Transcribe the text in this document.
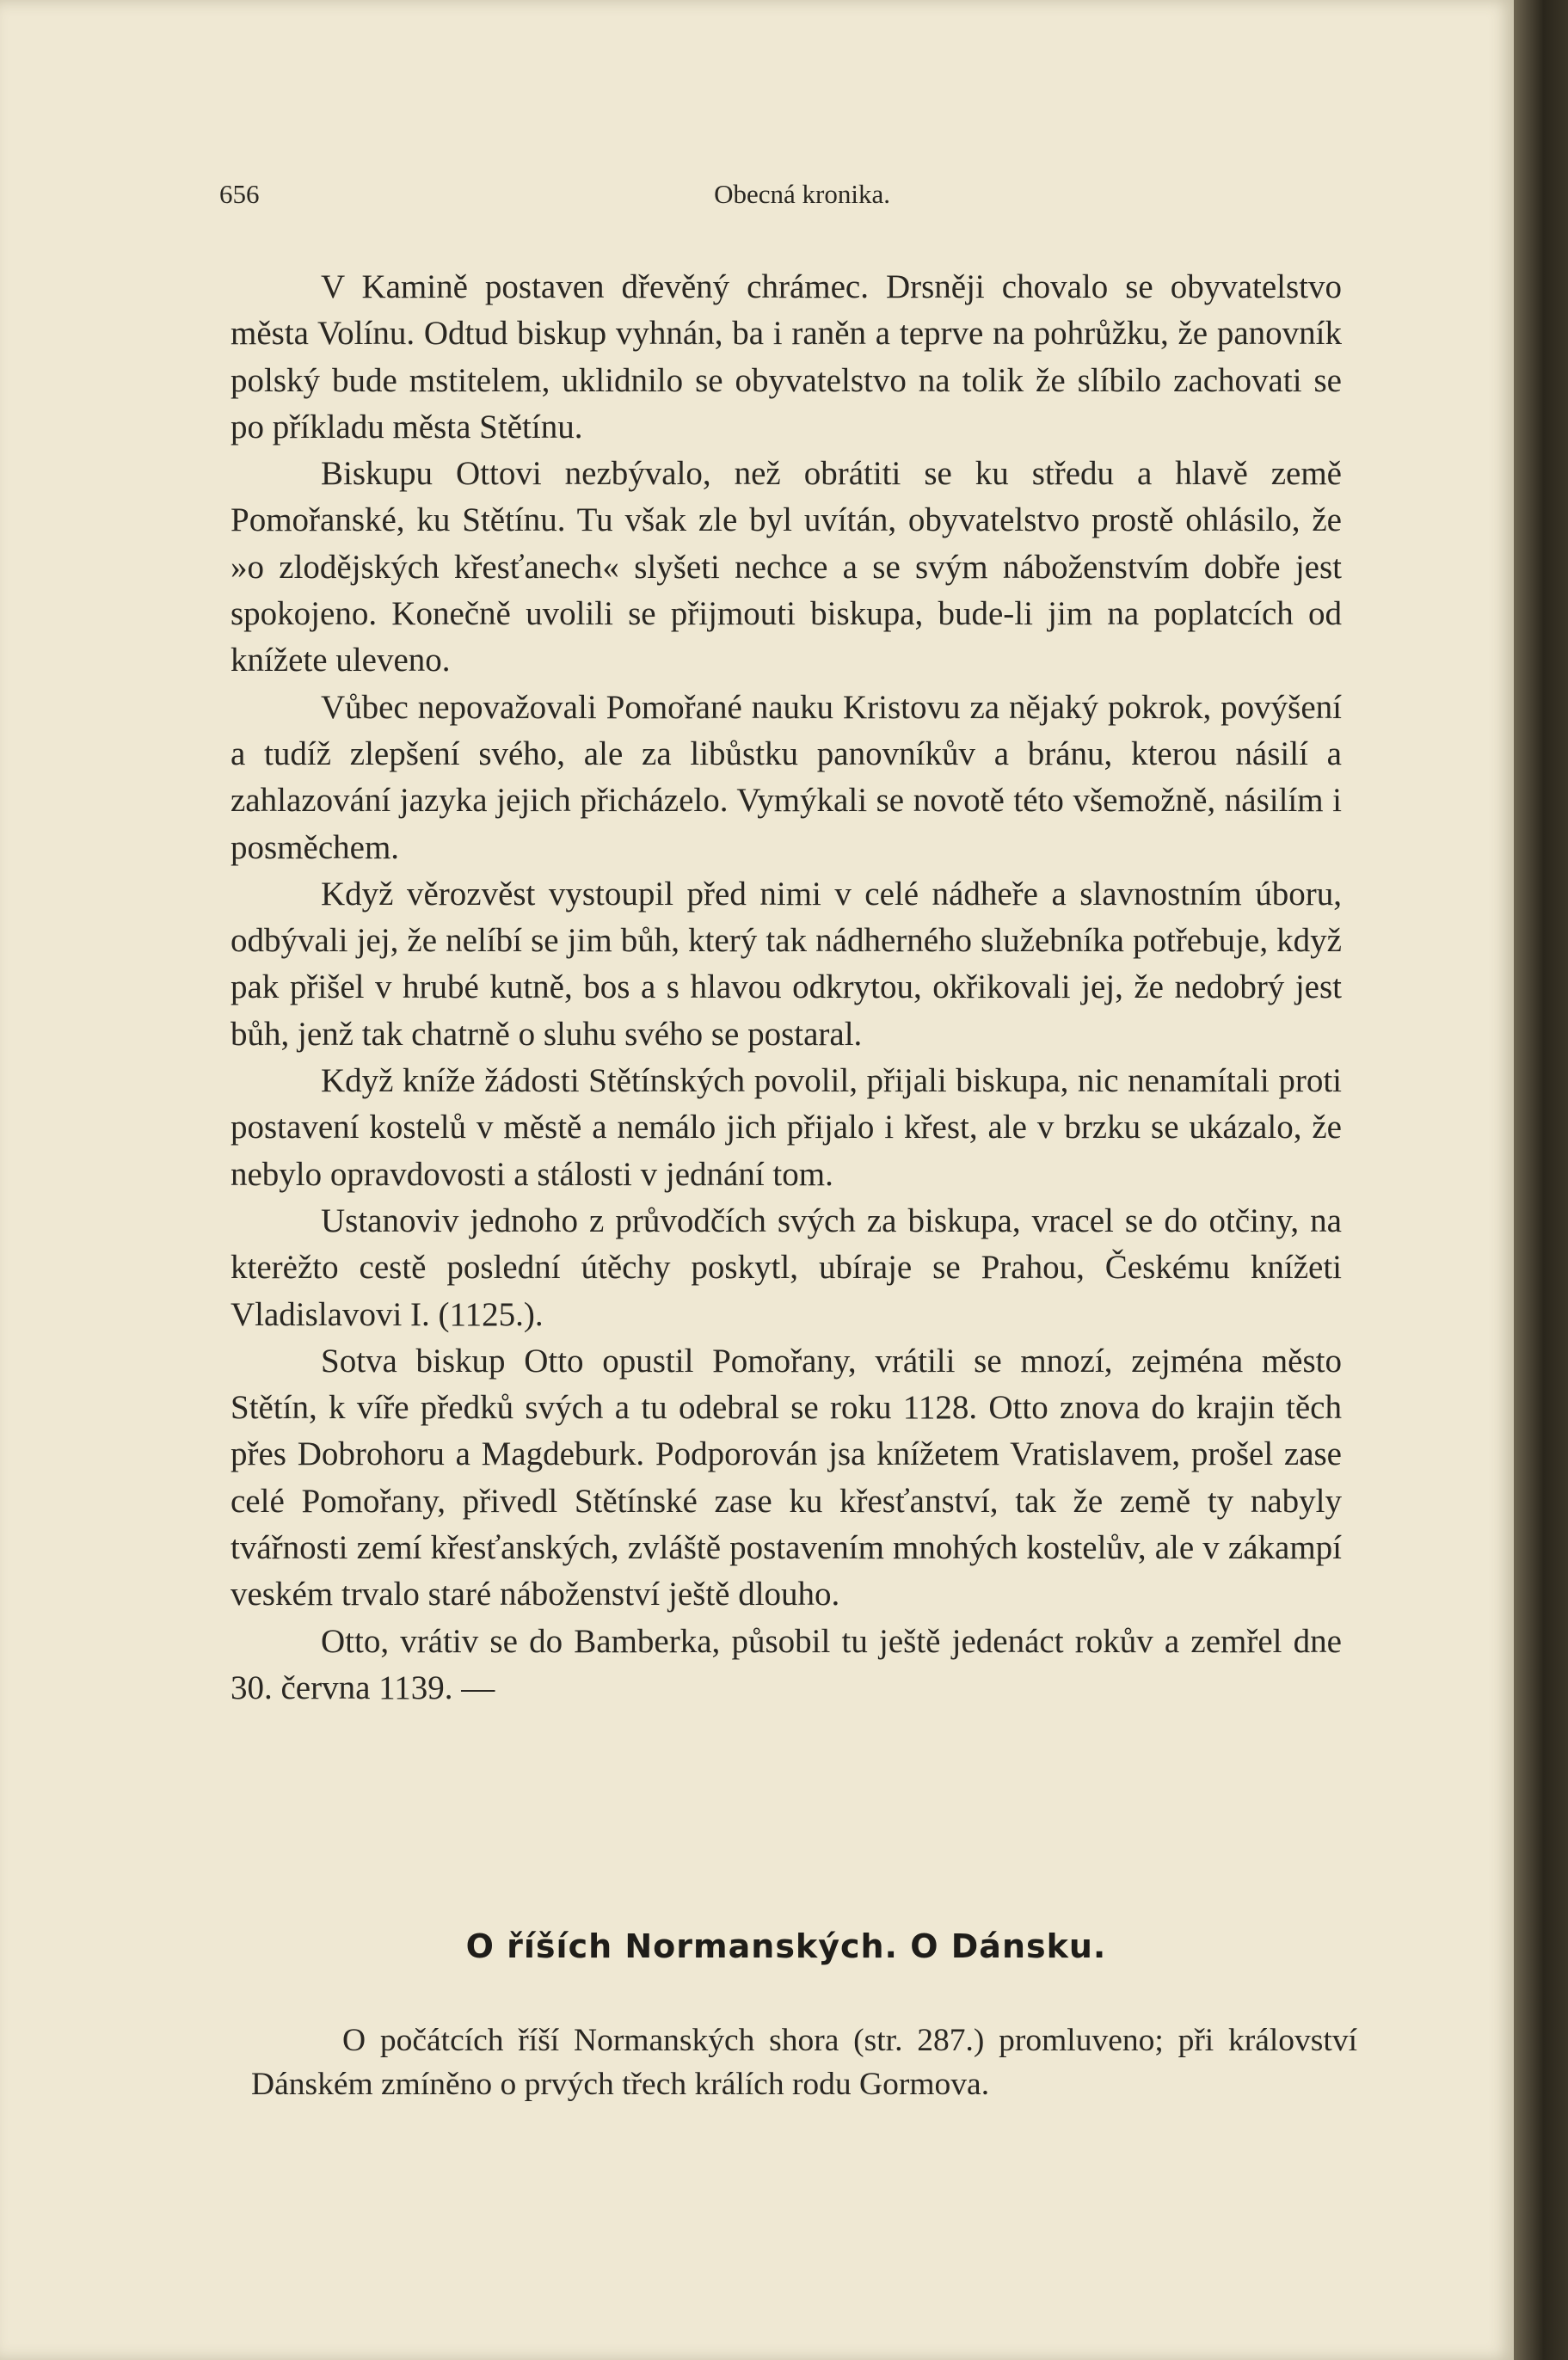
656	Obecná kronika.

V Kamině postaven dřevěný chrámec. Drsněji chovalo se obyvatelstvo města Volínu. Odtud biskup vyhnán, ba i raněn a teprve na pohrůžku, že panovník polský bude mstitelem, uklidnilo se obyvatelstvo na tolik že slíbilo zachovati se po příkladu města Stětínu.

Biskupu Ottovi nezbývalo, než obrátiti se ku středu a hlavě země Pomořanské, ku Stětínu. Tu však zle byl uvítán, obyvatelstvo prostě ohlásilo, že »o zlodějských křesťanech« slyšeti nechce a se svým náboženstvím dobře jest spokojeno. Konečně uvolili se přijmouti biskupa, bude-li jim na poplatcích od knížete uleveno.

Vůbec nepovažovali Pomořané nauku Kristovu za nějaký pokrok, povýšení a tudíž zlepšení svého, ale za libůstku panovníkův a bránu, kterou násilí a zahlazování jazyka jejich přicházelo. Vymýkali se novotě této všemožně, násilím i posměchem.

Když věrozvěst vystoupil před nimi v celé nádheře a slavnostním úboru, odbývali jej, že nelíbí se jim bůh, který tak nádherného služebníka potřebuje, když pak přišel v hrubé kutně, bos a s hlavou odkrytou, okřikovali jej, že nedobrý jest bůh, jenž tak chatrně o sluhu svého se postaral.

Když kníže žádosti Stětínských povolil, přijali biskupa, nic nenamítali proti postavení kostelů v městě a nemálo jich přijalo i křest, ale v brzku se ukázalo, že nebylo opravdovosti a stálosti v jednání tom.

Ustanoviv jednoho z průvodčích svých za biskupa, vracel se do otčiny, na kterėžto cestě poslední útěchy poskytl, ubíraje se Prahou, Českému knížeti Vladislavovi I. (1125.).

Sotva biskup Otto opustil Pomořany, vrátili se mnozí, zejména město Stětín, k víře předků svých a tu odebral se roku 1128. Otto znova do krajin těch přes Dobrohoru a Magdeburk. Podporován jsa knížetem Vratislavem, prošel zase celé Pomořany, přivedl Stětínské zase ku křesťanství, tak že země ty nabyly tvářnosti zemí křesťanských, zvláště postavením mnohých kostelův, ale v zákampí veském trvalo staré náboženství ještě dlouho.

Otto, vrátiv se do Bamberka, působil tu ještě jedenáct rokův a zemřel dne 30. června 1139. —

O říších Normanských. O Dánsku.

O počátcích říší Normanských shora (str. 287.) promluveno; při království Dánském zmíněno o prvých třech králích rodu Gormova.
